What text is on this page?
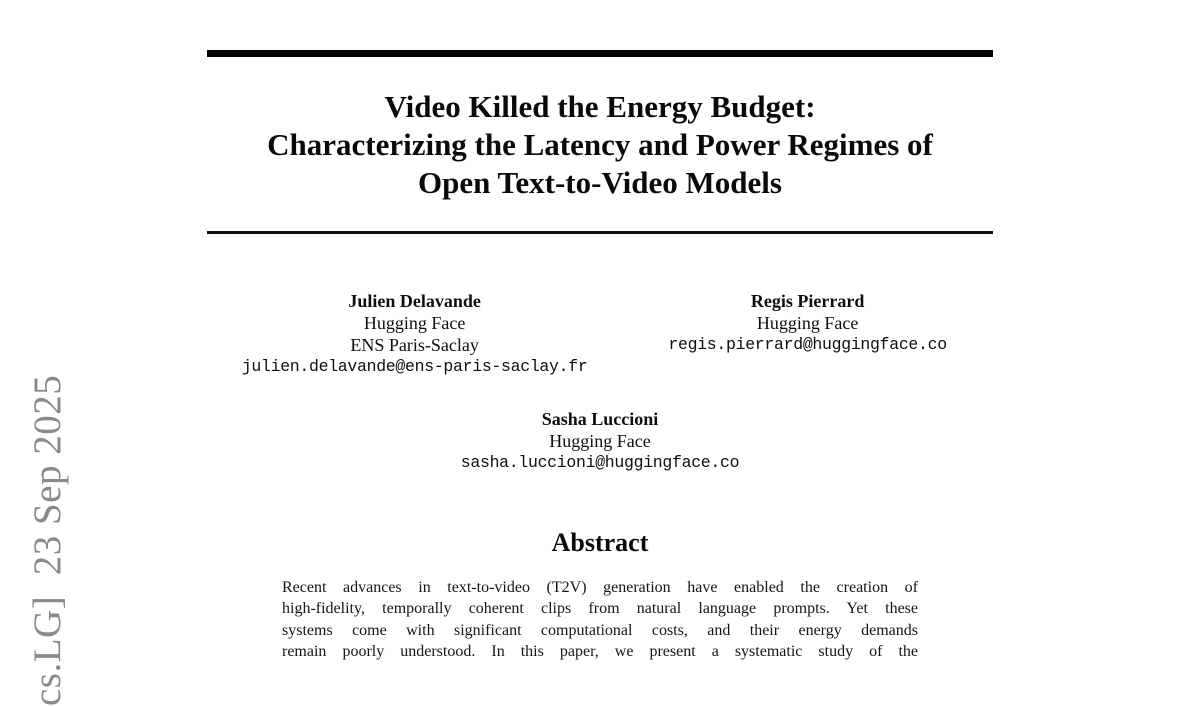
cs.LG]  23 Sep 2025
Video Killed the Energy Budget:
Characterizing the Latency and Power Regimes of
Open Text-to-Video Models
Julien Delavande
Hugging Face
ENS Paris-Saclay
julien.delavande@ens-paris-saclay.fr
Regis Pierrard
Hugging Face
regis.pierrard@huggingface.co
Sasha Luccioni
Hugging Face
sasha.luccioni@huggingface.co
Abstract
Recent advances in text-to-video (T2V) generation have enabled the creation of
high-fidelity, temporally coherent clips from natural language prompts. Yet these
systems come with significant computational costs, and their energy demands
remain poorly understood. In this paper, we present a systematic study of the
